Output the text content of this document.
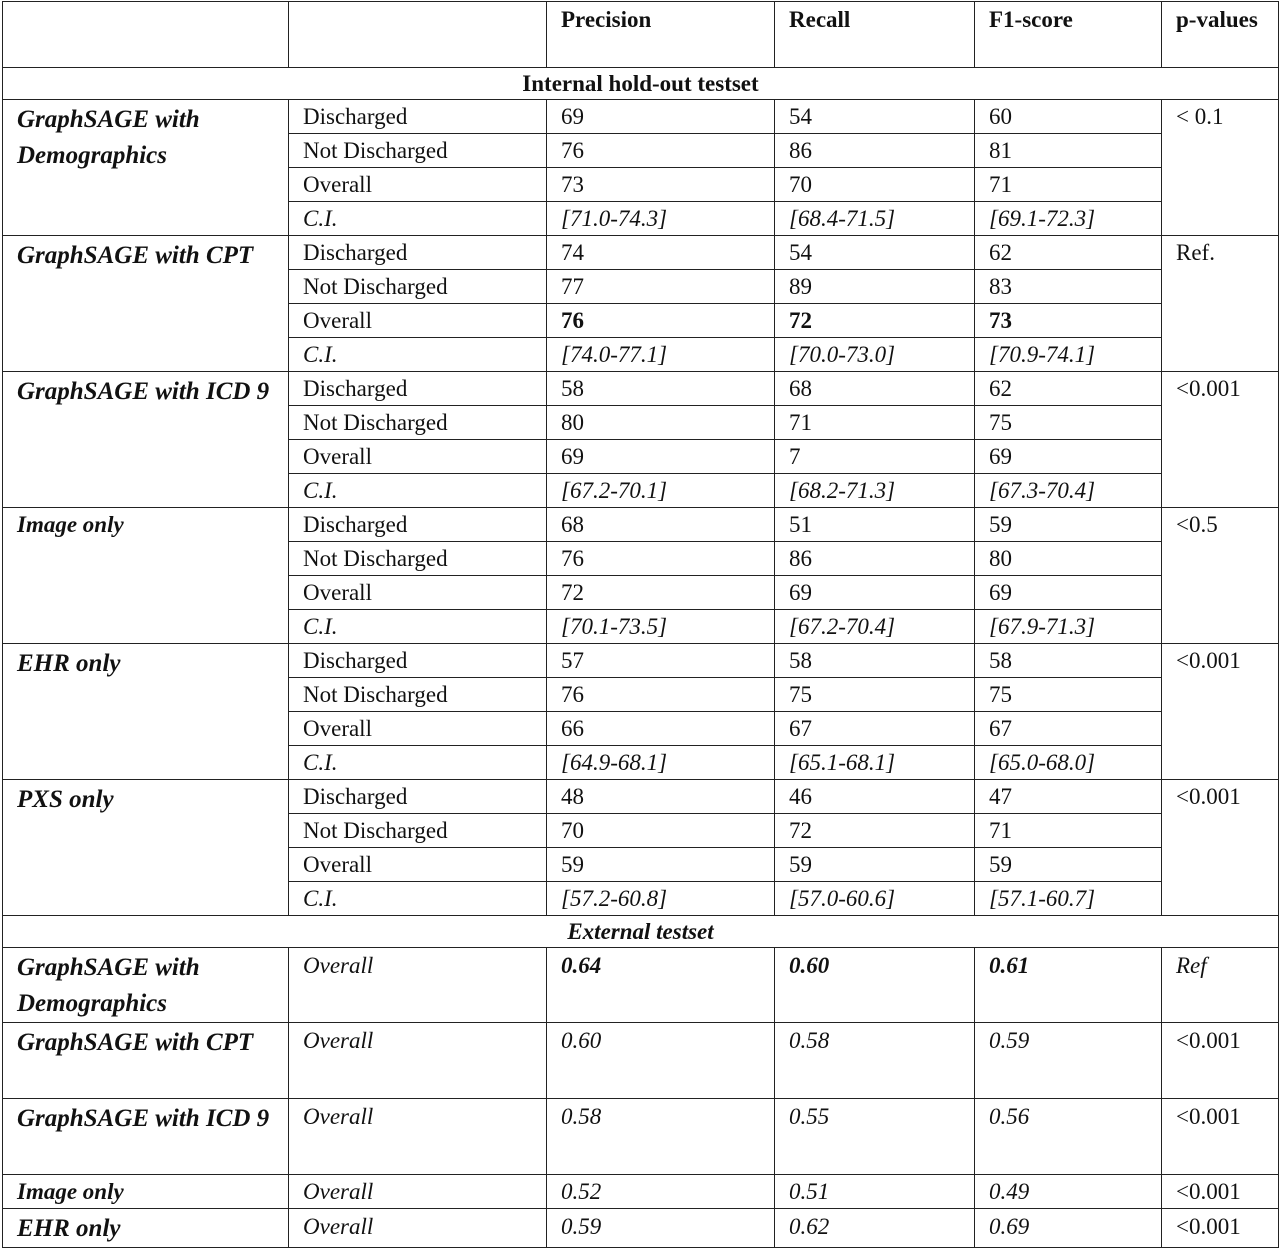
		Precision	Recall	F1-score	p-values
Internal hold-out testset					
GraphSAGE with Demographics	Discharged	69	54	60	< 0.1
	Not Discharged	76	86	81	
	Overall	73	70	71	
	C.I.	[71.0-74.3]	[68.4-71.5]	[69.1-72.3]	
GraphSAGE with CPT	Discharged	74	54	62	Ref.
	Not Discharged	77	89	83	
	Overall	76	72	73	
	C.I.	[74.0-77.1]	[70.0-73.0]	[70.9-74.1]	
GraphSAGE with ICD 9	Discharged	58	68	62	<0.001
	Not Discharged	80	71	75	
	Overall	69	7	69	
	C.I.	[67.2-70.1]	[68.2-71.3]	[67.3-70.4]	
Image only	Discharged	68	51	59	<0.5
	Not Discharged	76	86	80	
	Overall	72	69	69	
	C.I.	[70.1-73.5]	[67.2-70.4]	[67.9-71.3]	
EHR only	Discharged	57	58	58	<0.001
	Not Discharged	76	75	75	
	Overall	66	67	67	
	C.I.	[64.9-68.1]	[65.1-68.1]	[65.0-68.0]	
PXS only	Discharged	48	46	47	<0.001
	Not Discharged	70	72	71	
	Overall	59	59	59	
	C.I.	[57.2-60.8]	[57.0-60.6]	[57.1-60.7]	
External testset					
GraphSAGE with Demographics	Overall	0.64	0.60	0.61	Ref
GraphSAGE with CPT	Overall	0.60	0.58	0.59	<0.001
GraphSAGE with ICD 9	Overall	0.58	0.55	0.56	<0.001
Image only	Overall	0.52	0.51	0.49	<0.001
EHR only	Overall	0.59	0.62	0.69	<0.001
